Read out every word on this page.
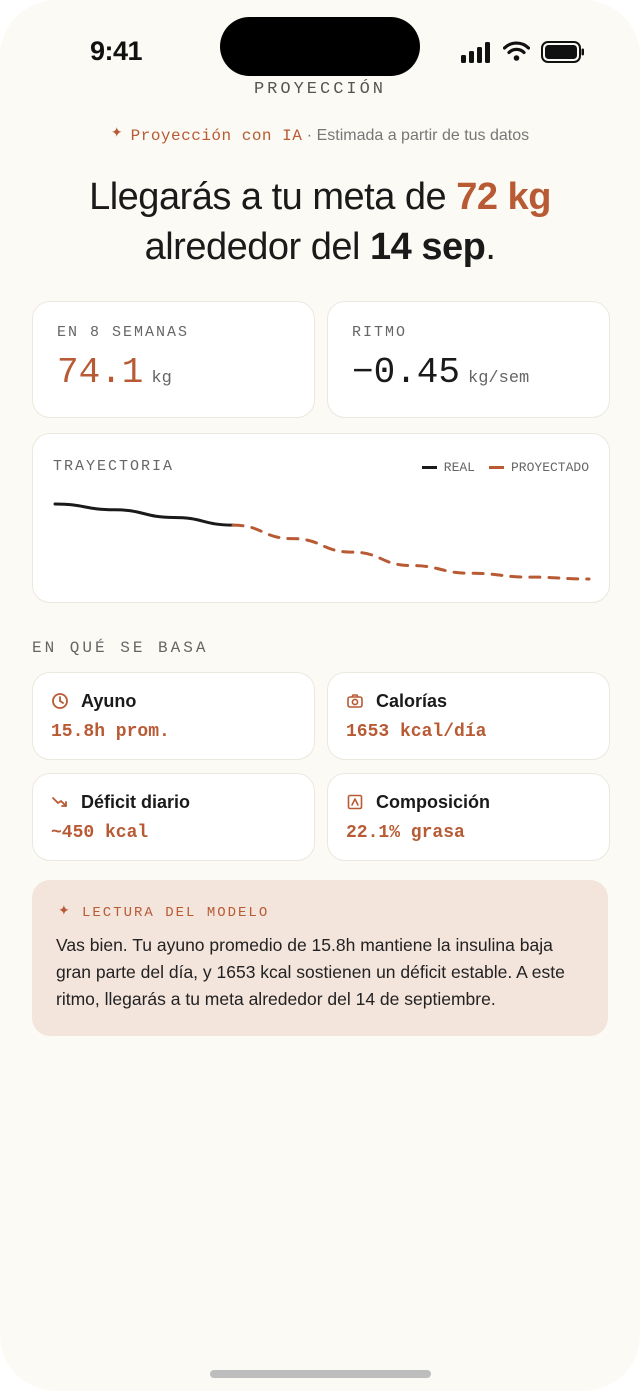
9:41
PROYECCIÓN
✦ Proyección con IA · Estimada a partir de tus datos
Llegarás a tu meta de 72 kg
alrededor del 14 sep.
EN 8 SEMANAS
74.1 kg
RITMO
−0.45 kg/sem
TRAYECTORIA	REAL	PROYECTADO
EN QUÉ SE BASA
Ayuno
15.8h prom.
Calorías
1653 kcal/día
Déficit diario
~450 kcal
Composición
22.1% grasa
✦ LECTURA DEL MODELO
Vas bien. Tu ayuno promedio de 15.8h mantiene la insulina baja gran parte del día, y 1653 kcal sostienen un déficit estable. A este ritmo, llegarás a tu meta alrededor del 14 de septiembre.
